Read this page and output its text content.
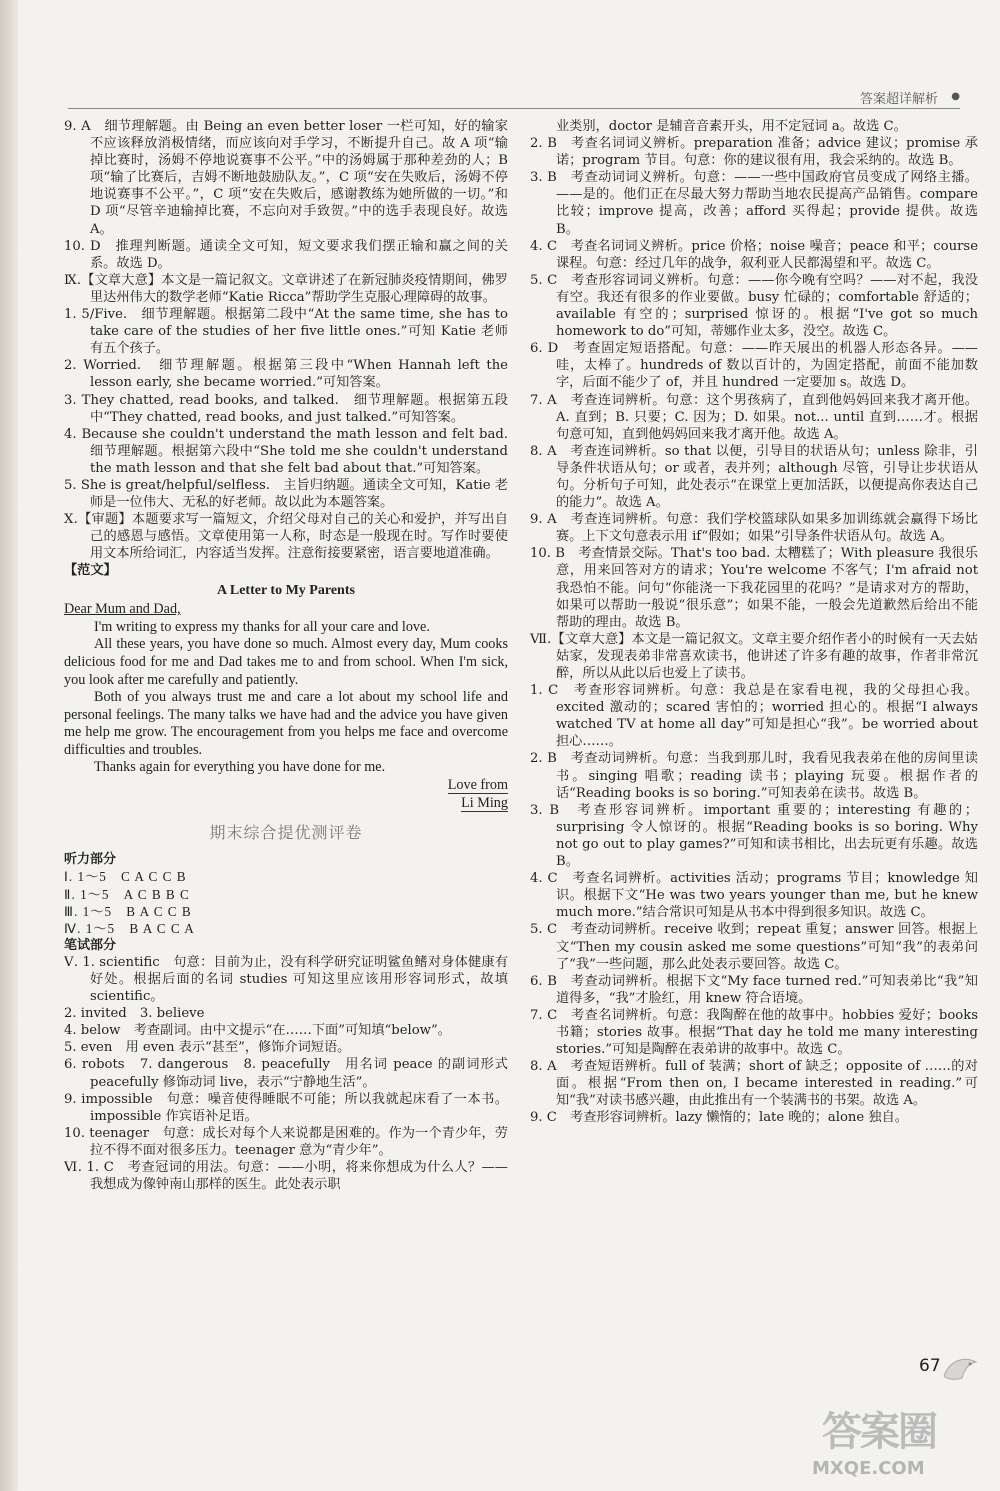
答案超详解析 ●

9. A　细节理解题。由 Being an even better loser 一栏可知，好的输家不应该释放消极情绪，而应该向对手学习，不断提升自己。故 A 项“输掉比赛时，汤姆不停地说赛事不公平。”中的汤姆属于那种差劲的人；B 项“输了比赛后，吉姆不断地鼓励队友。”，C 项“安在失败后，汤姆不停地说赛事不公平。”，C 项“安在失败后，感谢教练为她所做的一切。”和 D 项“尽管辛迪输掉比赛，不忘向对手致贺。”中的选手表现良好。故选 A。

10. D　推理判断题。通读全文可知，短文要求我们摆正输和赢之间的关系。故选 D。

Ⅸ.【文章大意】本文是一篇记叙文。文章讲述了在新冠肺炎疫情期间，佛罗里达州伟大的数学老师“Katie Ricca”帮助学生克服心理障碍的故事。

1. 5/Five.　细节理解题。根据第二段中“At the same time, she has to take care of the studies of her five little ones.”可知 Katie 老师有五个孩子。

2. Worried.　细节理解题。根据第三段中“When Hannah left the lesson early, she became worried.”可知答案。

3. They chatted, read books, and talked.　细节理解题。根据第五段中“They chatted, read books, and just talked.”可知答案。

4. Because she couldn't understand the math lesson and felt bad.　细节理解题。根据第六段中“She told me she couldn't understand the math lesson and that she felt bad about that.”可知答案。

5. She is great/helpful/selfless.　主旨归纳题。通读全文可知，Katie 老师是一位伟大、无私的好老师。故以此为本题答案。

Ⅹ.【审题】本题要求写一篇短文，介绍父母对自己的关心和爱护，并写出自己的感恩与感悟。文章使用第一人称，时态是一般现在时。写作时要使用文本所给词汇，内容适当发挥。注意衔接要紧密，语言要地道准确。

【范文】

A Letter to My Parents

Dear Mum and Dad,

I'm writing to express my thanks for all your care and love.

All these years, you have done so much. Almost every day, Mum cooks delicious food for me and Dad takes me to and from school. When I'm sick, you look after me carefully and patiently.

Both of you always trust me and care a lot about my school life and personal feelings. The many talks we have had and the advice you have given me help me grow. The encouragement from you helps me face and overcome difficulties and troubles.

Thanks again for everything you have done for me.

Love from

Li Ming

期末综合提优测评卷

听力部分

Ⅰ. 1～5　C A C C B

Ⅱ. 1～5　A C B B C

Ⅲ. 1～5　B A C C B

Ⅳ. 1～5　B A C C A

笔试部分

Ⅴ. 1. scientific　句意：目前为止，没有科学研究证明鲨鱼鳍对身体健康有好处。根据后面的名词 studies 可知这里应该用形容词形式，故填 scientific。

2. invited　3. believe

4. below　考查副词。由中文提示“在……下面”可知填“below”。

5. even　用 even 表示“甚至”，修饰介词短语。

6. robots　7. dangerous　8. peacefully　用名词 peace 的副词形式 peacefully 修饰动词 live，表示“宁静地生活”。

9. impossible　句意：噪音使得睡眠不可能；所以我就起床看了一本书。impossible 作宾语补足语。

10. teenager　句意：成长对每个人来说都是困难的。作为一个青少年，劳拉不得不面对很多压力。teenager 意为“青少年”。

Ⅵ. 1. C　考查冠词的用法。句意：——小明，将来你想成为什么人？——我想成为像钟南山那样的医生。此处表示职

业类别，doctor 是辅音音素开头，用不定冠词 a。故选 C。

2. B　考查名词词义辨析。preparation 准备；advice 建议；promise 承诺；program 节目。句意：你的建议很有用，我会采纳的。故选 B。

3. B　考查动词词义辨析。句意：——一些中国政府官员变成了网络主播。——是的。他们正在尽最大努力帮助当地农民提高产品销售。compare 比较；improve 提高，改善；afford 买得起；provide 提供。故选 B。

4. C　考查名词词义辨析。price 价格；noise 噪音；peace 和平；course 课程。句意：经过几年的战争，叙利亚人民都渴望和平。故选 C。

5. C　考查形容词词义辨析。句意：——你今晚有空吗？——对不起，我没有空。我还有很多的作业要做。busy 忙碌的；comfortable 舒适的；available 有空的；surprised 惊讶的。根据“I've got so much homework to do”可知，蒂娜作业太多，没空。故选 C。

6. D　考查固定短语搭配。句意：——昨天展出的机器人形态各异。——哇，太棒了。hundreds of 数以百计的，为固定搭配，前面不能加数字，后面不能少了 of，并且 hundred 一定要加 s。故选 D。

7. A　考查连词辨析。句意：这个男孩病了，直到他妈妈回来我才离开他。A. 直到；B. 只要；C. 因为；D. 如果。not... until 直到……才。根据句意可知，直到他妈妈回来我才离开他。故选 A。

8. A　考查连词辨析。so that 以便，引导目的状语从句；unless 除非，引导条件状语从句；or 或者，表并列；although 尽管，引导让步状语从句。分析句子可知，此处表示“在课堂上更加活跃，以便提高你表达自己的能力”。故选 A。

9. A　考查连词辨析。句意：我们学校篮球队如果多加训练就会赢得下场比赛。上下文句意表示用 if“假如；如果”引导条件状语从句。故选 A。

10. B　考查情景交际。That's too bad. 太糟糕了；With pleasure 我很乐意，用来回答对方的请求；You're welcome 不客气；I'm afraid not 我恐怕不能。问句“你能浇一下我花园里的花吗？”是请求对方的帮助，如果可以帮助一般说“很乐意”；如果不能，一般会先道歉然后给出不能帮助的理由。故选 B。

Ⅶ.【文章大意】本文是一篇记叙文。文章主要介绍作者小的时候有一天去姑姑家，发现表弟非常喜欢读书，他讲述了许多有趣的故事，作者非常沉醉，所以从此以后也爱上了读书。

1. C　考查形容词辨析。句意：我总是在家看电视，我的父母担心我。excited 激动的；scared 害怕的；worried 担心的。根据“I always watched TV at home all day”可知是担心“我”。be worried about 担心……。

2. B　考查动词辨析。句意：当我到那儿时，我看见我表弟在他的房间里读书。singing 唱歌；reading 读书；playing 玩耍。根据作者的话“Reading books is so boring.”可知表弟在读书。故选 B。

3. B　考查形容词辨析。important 重要的；interesting 有趣的；surprising 令人惊讶的。根据“Reading books is so boring. Why not go out to play games?”可知和读书相比，出去玩更有乐趣。故选 B。

4. C　考查名词辨析。activities 活动；programs 节目；knowledge 知识。根据下文“He was two years younger than me, but he knew much more.”结合常识可知是从书本中得到很多知识。故选 C。

5. C　考查动词辨析。receive 收到；repeat 重复；answer 回答。根据上文“Then my cousin asked me some questions”可知“我”的表弟问了“我”一些问题，那么此处表示要回答。故选 C。

6. B　考查动词辨析。根据下文“My face turned red.”可知表弟比“我”知道得多，“我”才脸红，用 knew 符合语境。

7. C　考查名词辨析。句意：我陶醉在他的故事中。hobbies 爱好；books 书籍；stories 故事。根据“That day he told me many interesting stories.”可知是陶醉在表弟讲的故事中。故选 C。

8. A　考查短语辨析。full of 装满；short of 缺乏；opposite of ……的对面。根据“From then on, I became interested in reading.”可知“我”对读书感兴趣，由此推出有一个装满书的书架。故选 A。

9. C　考查形容词辨析。lazy 懒惰的；late 晚的；alone 独自。

67
答案圈
MXQE.COM
